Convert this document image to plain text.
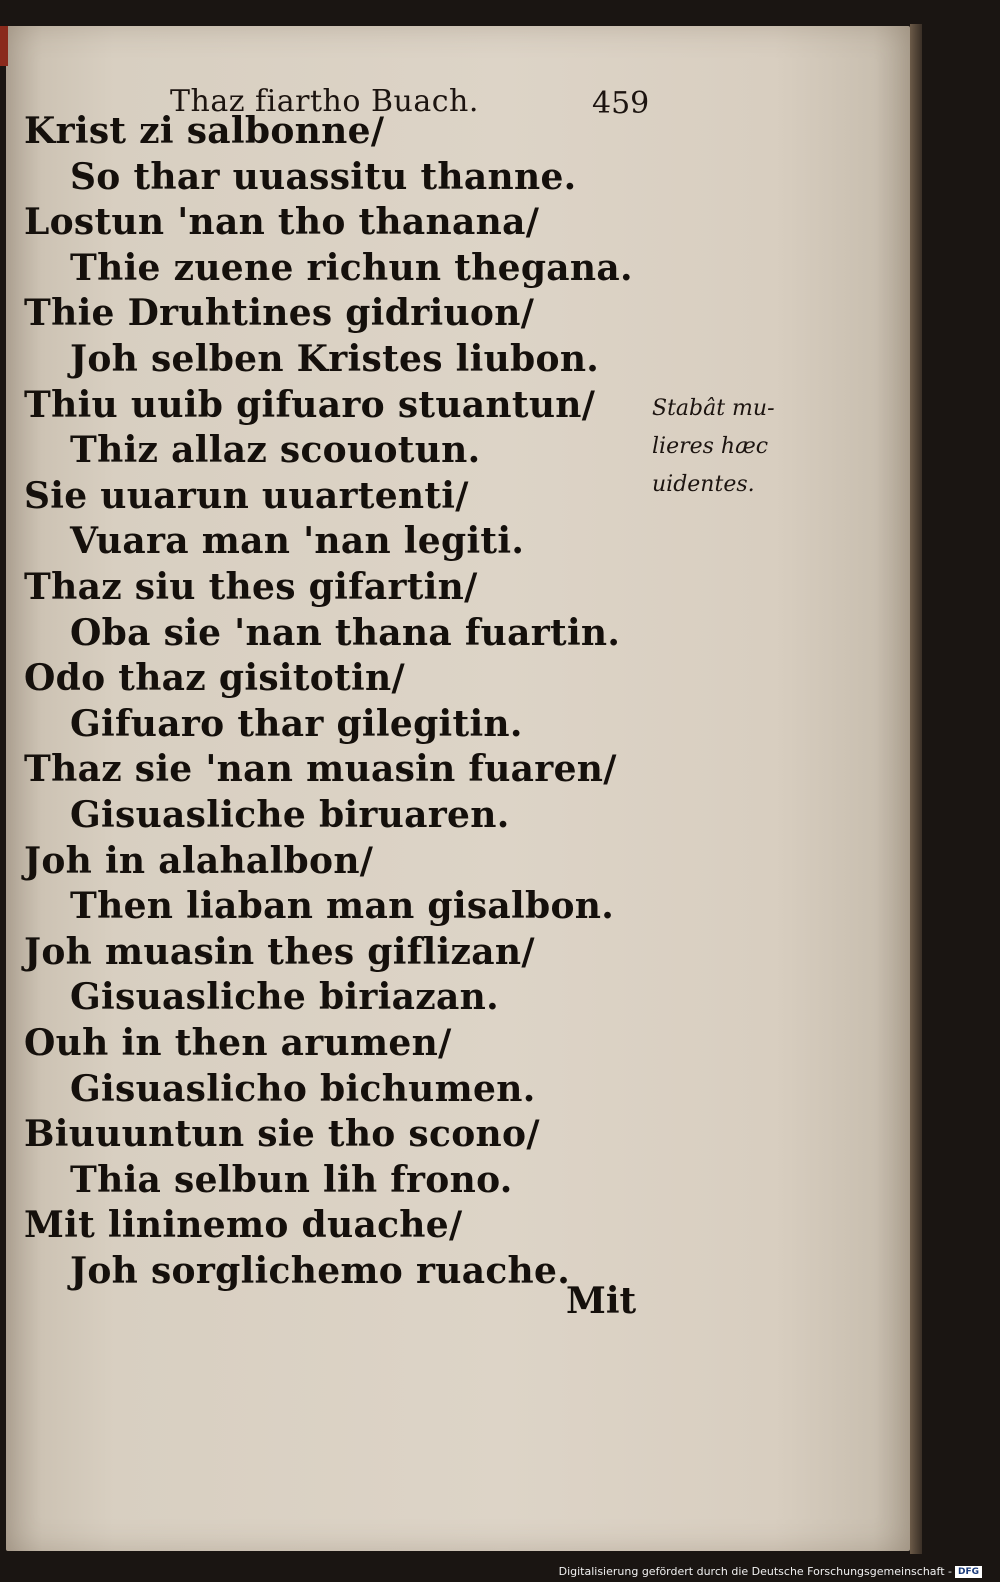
Thaz fiartho Buach.	459
Krist zi salbonne/
So thar uuassitu thanne.
Lostun 'nan tho thanana/
Thie zuene richun thegana.
Thie Druhtines gidriuon/
Joh selben Kristes liubon.
Thiu uuib gifuaro stuantun/
Thiz allaz scouotun.
Sie uuarun uuartenti/
Vuara man 'nan legiti.
Thaz siu thes gifartin/
Oba sie 'nan thana fuartin.
Odo thaz gisitotin/
Gifuaro thar gilegitin.
Thaz sie 'nan muasin fuaren/
Gisuasliche biruaren.
Joh in alahalbon/
Then liaban man gisalbon.
Joh muasin thes giflizan/
Gisuasliche biriazan.
Ouh in then arumen/
Gisuaslicho bichumen.
Biuuuntun sie tho scono/
Thia selbun lih frono.
Mit lininemo duache/
Joh sorglichemo ruache.
Stabât mu-
lieres hæc
uidentes.
Mit
Digitalisierung gefördert durch die Deutsche Forschungsgemeinschaft - DFG
